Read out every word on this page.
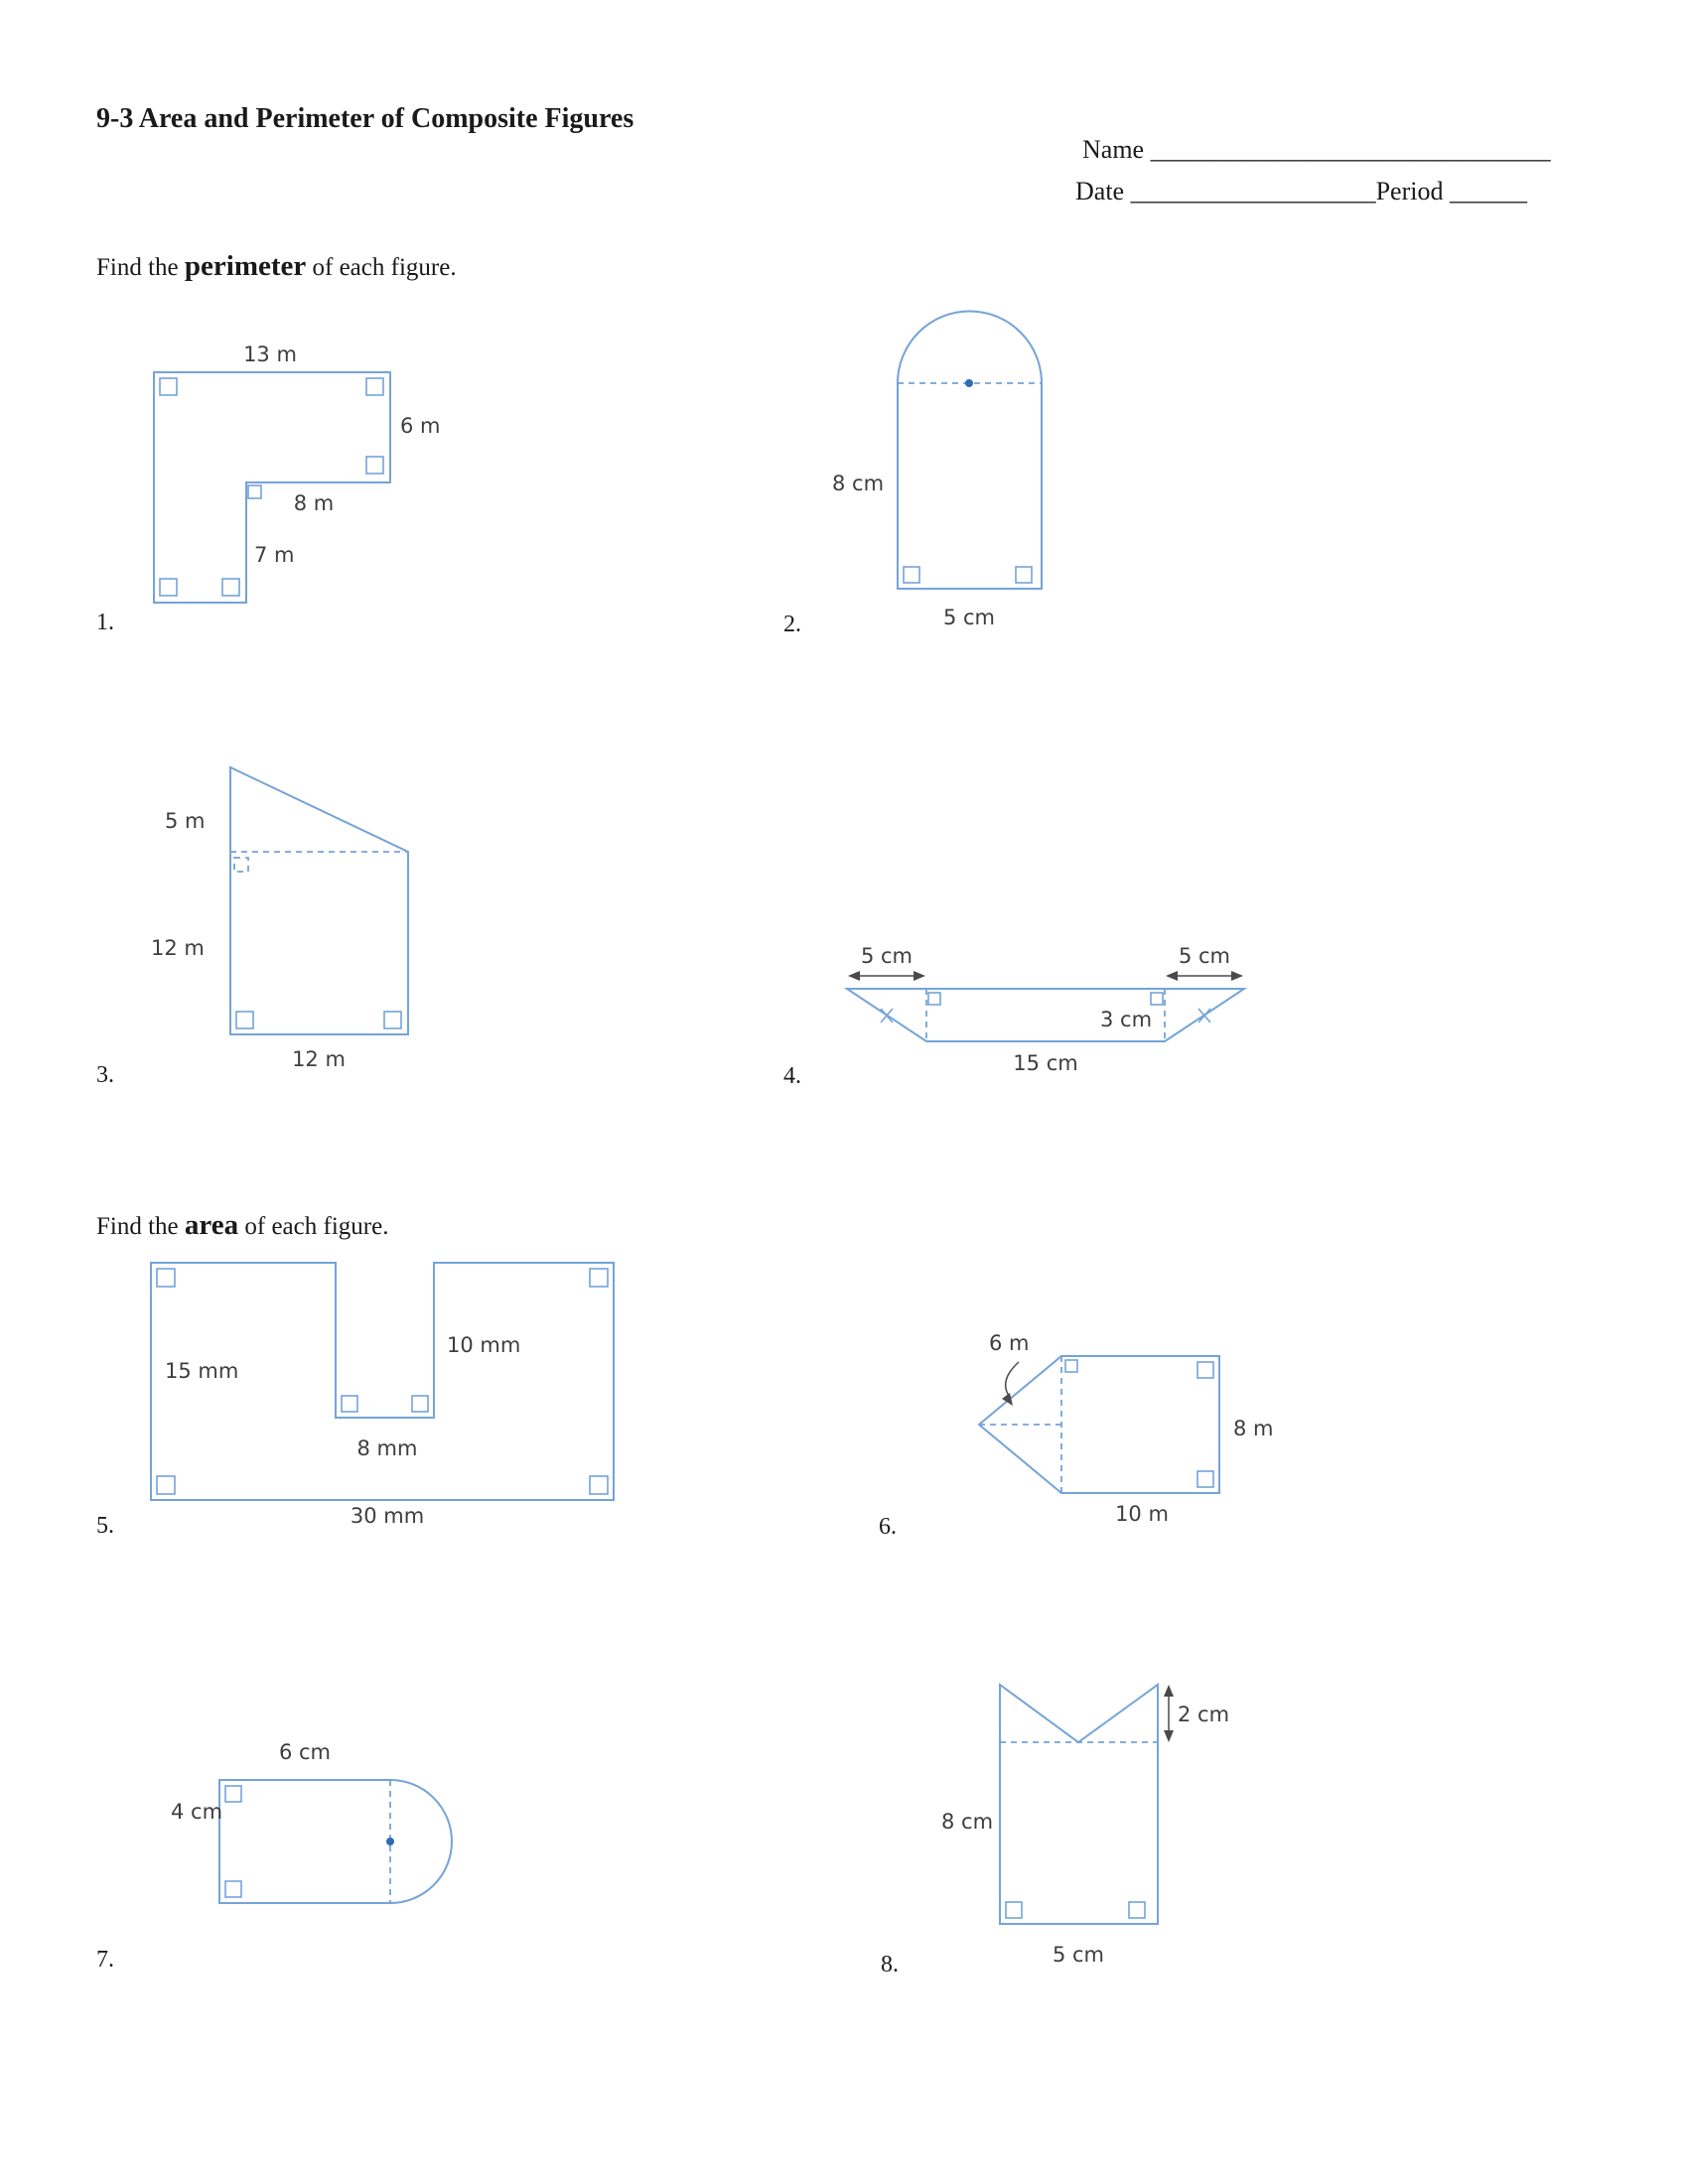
9-3 Area and Perimeter of Composite Figures
Name _______________________________
Date ___________________Period ______
Find the perimeter of each figure.
Find the area of each figure.
1.	2.
3.	4.
5.	6.
7.	8.
13 m
6 m
8 m
7 m
8 cm
5 cm
5 m
12 m
12 m
5 cm	5 cm
3 cm
15 cm
15 mm
10 mm
8 mm
30 mm
6 m
8 m
10 m
6 cm
4 cm
2 cm
8 cm
5 cm
